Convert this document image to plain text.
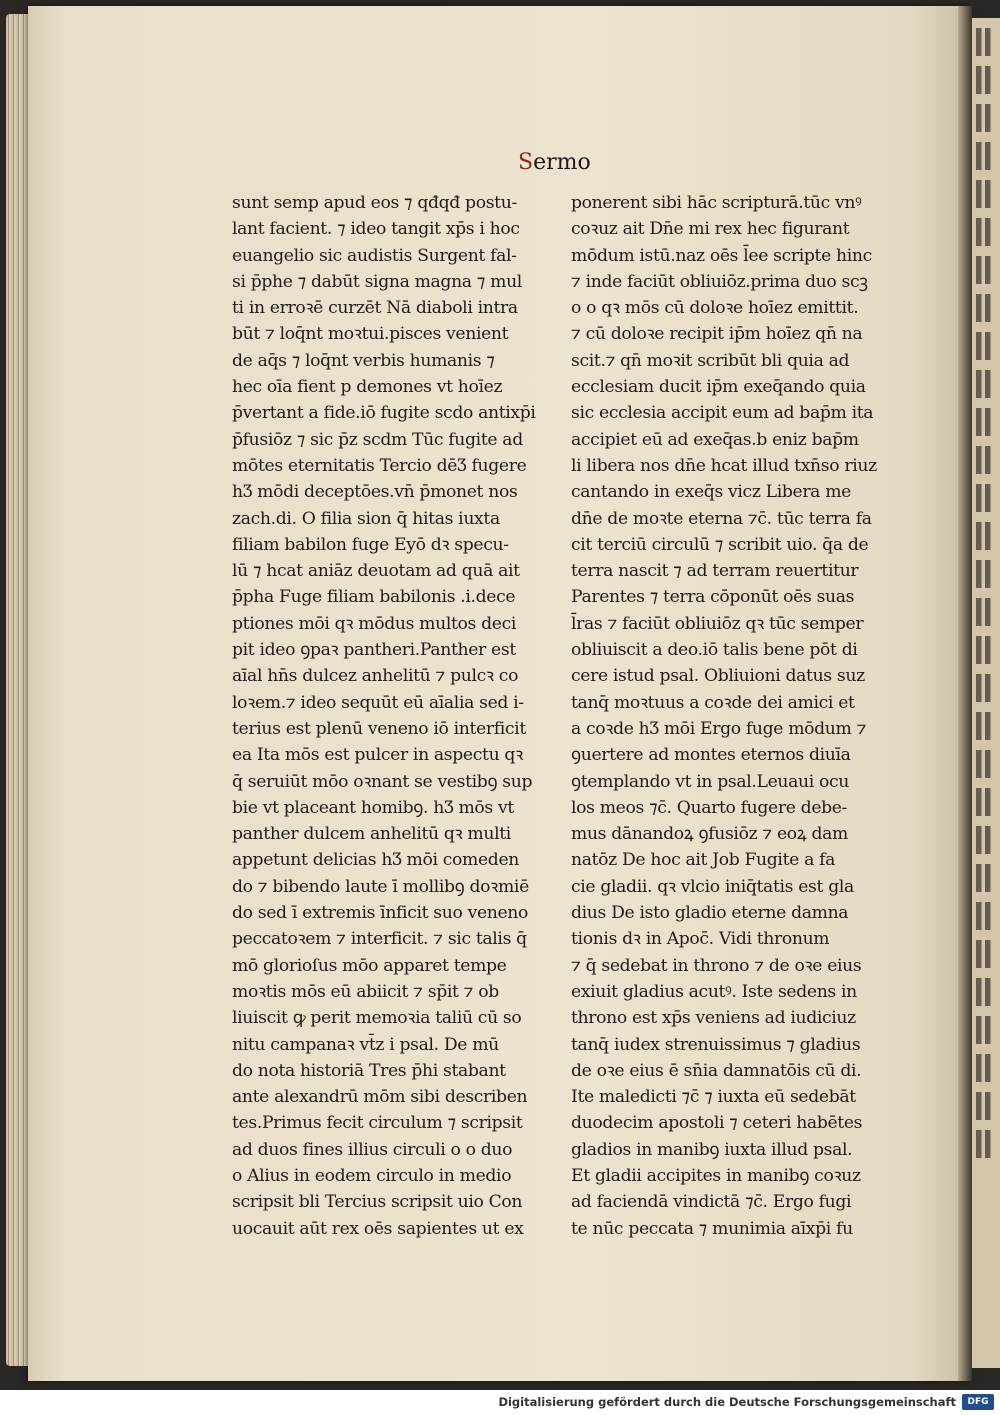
Sermo
sunt semp apud eos ⁊ qđqđ postu-
lant facient. ⁊ ideo tangit xp̄s i hoc
euangelio sic audistis Surgent fal-
si p̄phe ⁊ dabūt signa magna ⁊ mul
ti in erroꝛē curzēt Nā diaboli intra
būt ⁊ loq̄nt moꝛtui.pisces venient
de aq̄s ⁊ loq̄nt verbis humanis ⁊
hec oīa fient p demones vt hoīez
p̄vertant a fide.iō fugite scdo antixp̄i
p̄fusiōz ⁊ sic p̄z scdm Tūc fugite ad
mōtes eternitatis Tercio dēƷ fugere
hƷ mōdi deceptōes.vn̄ p̄monet nos
zach.di. O filia sion q̄ hitas iuxta
filiam babilon fuge Eyō dꝛ specu-
lū ⁊ hcat aniāz deuotam ad quā ait
p̄pha Fuge filiam babilonis .i.dece
ptiones mōi qꝛ mōdus multos deci
pit ideo ꝯpaꝛ pantheri.Panther est
aīal hn̄s dulcez anhelitū ⁊ pulcꝛ co
loꝛem.⁊ ideo sequūt eū aīalia sed i-
terius est plenū veneno iō interficit
ea Ita mōs est pulcer in aspectu qꝛ
q̄ seruiūt mōo oꝛnant se vestibꝯ sup
bie vt placeant homibꝯ. hƷ mōs vt
panther dulcem anhelitū qꝛ multi
appetunt delicias hƷ mōi comeden
do ⁊ bibendo laute ī mollibꝯ doꝛmiē
do sed ī extremis īnficit suo veneno
peccatoꝛem ⁊ interficit. ⁊ sic talis q̄
mō glorioſus mōo apparet tempe
moꝛtis mōs eū abiicit ⁊ sp̄it ⁊ ob
liuiscit ꝙ perit memoꝛia taliū cū so
nitu campanaꝛ vt̄z i psal. De mū
do nota historiā Tres p̄hi stabant
ante alexandrū mōm sibi describen
tes.Primus fecit circulum ⁊ scripsit
ad duos fines illius circuli o o duo
o Alius in eodem circulo in medio
scripsit bli Tercius scripsit uio Con
uocauit aūt rex oēs sapientes ut ex
ponerent sibi hāc scripturā.tūc vnꝰ
coꝛuz ait Dn̄e mi rex hec figurant
mōdum istū.naz oēs l̄ee scripte hinc
⁊ inde faciūt obliuiōz.prima duo scꝫ
o o qꝛ mōs cū doloꝛe hoīez emittit.
⁊ cū doloꝛe recipit ip̄m hoīez qn̄ na
scit.⁊ qn̄ moꝛit scribūt bli quia ad
ecclesiam ducit ip̄m exeq̄ando quia
sic ecclesia accipit eum ad bap̄m ita
accipiet eū ad exeq̄as.b eniz bap̄m
li libera nos dn̄e hcat illud txn̄so riuz
cantando in exeq̄s vicz Libera me
dn̄e de moꝛte eterna ⁊c̄. tūc terra fa
cit terciū circulū ⁊ scribit uio. q̄a de
terra nascit ⁊ ad terram reuertitur
Parentes ⁊ terra cōponūt oēs suas
l̄ras ⁊ faciūt obliuiōz qꝛ tūc semper
obliuiscit a deo.iō talis bene pōt di
cere istud psal. Obliuioni datus suz
tanq̄ moꝛtuus a coꝛde dei amici et
a coꝛde hƷ mōi Ergo fuge mōdum ⁊
ꝯuertere ad montes eternos diuīa
ꝯtemplando vt in psal.Leuaui ocu
los meos ⁊c̄. Quarto fugere debe-
mus dānandoꝝ ꝯfusiōz ⁊ eoꝝ dam
natōz De hoc ait Job Fugite a fa
cie gladii. qꝛ vlcio iniq̄tatis est gla
dius De isto gladio eterne damna
tionis dꝛ in Apoc̄. Vidi thronum
⁊ q̄ sedebat in throno ⁊ de oꝛe eius
exiuit gladius acutꝰ. Iste sedens in
throno est xp̄s veniens ad iudiciuz
tanq̄ iudex strenuissimus ⁊ gladius
de oꝛe eius ē sn̄ia damnatōis cū di.
Ite maledicti ⁊c̄ ⁊ iuxta eū sedebāt
duodecim apostoli ⁊ ceteri habētes
gladios in manibꝯ iuxta illud psal.
Et gladii accipites in manibꝯ coꝛuz
ad faciendā vindictā ⁊c̄. Ergo fugi
te nūc peccata ⁊ munimia aīxp̄i fu
Digitalisierung gefördert durch die Deutsche Forschungsgemeinschaft	DFG
